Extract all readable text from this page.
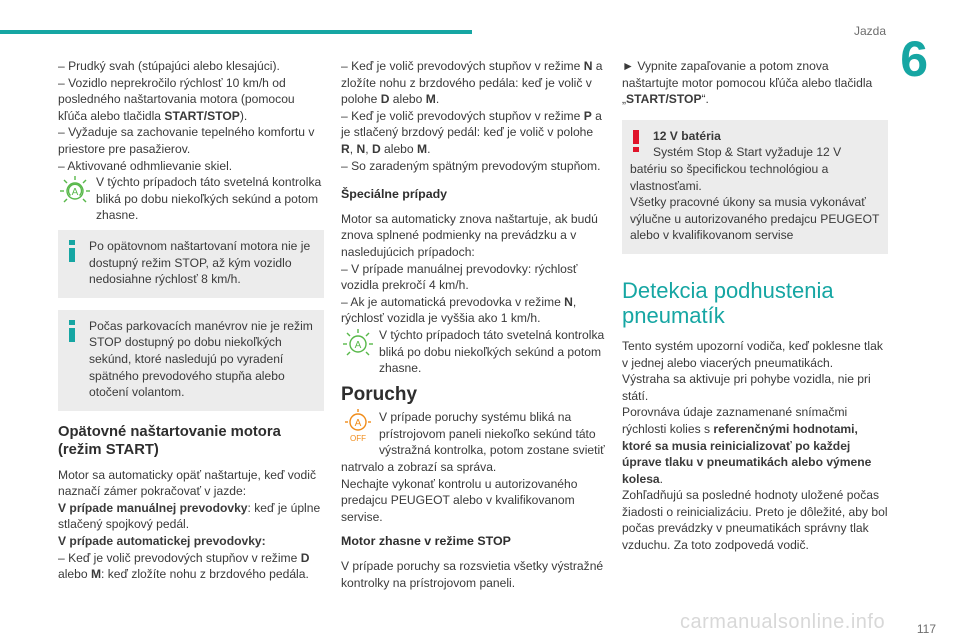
Jazda 6

– Prudký svah (stúpajúci alebo klesajúci).

– Vozidlo neprekročilo rýchlosť 10 km/h od posledného naštartovania motora (pomocou kľúča alebo tlačidla START/STOP).

– Vyžaduje sa zachovanie tepelného komfortu v priestore pre pasažierov.

– Aktivované odhmlievanie skiel.

A
V týchto prípadoch táto svetelná kontrolka bliká po dobu niekoľkých sekúnd a potom zhasne.

Po opätovnom naštartovaní motora nie je dostupný režim STOP, až kým vozidlo nedosiahne rýchlosť 8 km/h.
Počas parkovacích manévrov nie je režim STOP dostupný po dobu niekoľkých sekúnd, ktoré nasledujú po vyradení spätného prevodového stupňa alebo otočení volantom.
Opätovné naštartovanie motora (režim START)

Motor sa automaticky opäť naštartuje, keď vodič naznačí zámer pokračovať v jazde:

V prípade manuálnej prevodovky: keď je úplne stlačený spojkový pedál.

V prípade automatickej prevodovky:

– Keď je volič prevodových stupňov v režime D alebo M: keď zložíte nohu z brzdového pedála.

– Keď je volič prevodových stupňov v režime N a zložíte nohu z brzdového pedála: keď je volič v polohe D alebo M.

– Keď je volič prevodových stupňov v režime P a je stlačený brzdový pedál: keď je volič v polohe R, N, D alebo M.

– So zaradeným spätným prevodovým stupňom.

Špeciálne prípady

Motor sa automaticky znova naštartuje, ak budú znova splnené podmienky na prevádzku a v nasledujúcich prípadoch:

– V prípade manuálnej prevodovky: rýchlosť vozidla prekročí 4 km/h.

– Ak je automatická prevodovka v režime N, rýchlosť vozidla je vyššia ako 1 km/h.

A
V týchto prípadoch táto svetelná kontrolka bliká po dobu niekoľkých sekúnd a potom zhasne.

Poruchy

A
OFF
V prípade poruchy systému bliká na prístrojovom paneli niekoľko sekúnd táto výstražná kontrolka, potom zostane svietiť natrvalo a zobrazí sa správa.

Nechajte vykonať kontrolu u autorizovaného predajcu PEUGEOT alebo v kvalifikovanom servise.

Motor zhasne v režime STOP

V prípade poruchy sa rozsvietia všetky výstražné kontrolky na prístrojovom paneli.

► Vypnite zapaľovanie a potom znova naštartujte motor pomocou kľúča alebo tlačidla „START/STOP“.

12 V batéria
Systém Stop & Start vyžaduje 12 V batériu so špecifickou technológiou a vlastnosťami.
Všetky pracovné úkony sa musia vykonávať výlučne u autorizovaného predajcu PEUGEOT alebo v kvalifikovanom servise
Detekcia podhustenia pneumatík

Tento systém upozorní vodiča, keď poklesne tlak v jednej alebo viacerých pneumatikách.

Výstraha sa aktivuje pri pohybe vozidla, nie pri státí.

Porovnáva údaje zaznamenané snímačmi rýchlosti kolies s referenčnými hodnotami, ktoré sa musia reinicializovať po každej úprave tlaku v pneumatikách alebo výmene kolesa.

Zohľadňujú sa posledné hodnoty uložené počas žiadosti o reinicializáciu. Preto je dôležité, aby bol počas prevádzky v pneumatikách správny tlak vzduchu. Za toto zodpovedá vodič.

carmanualsonline.info	117
